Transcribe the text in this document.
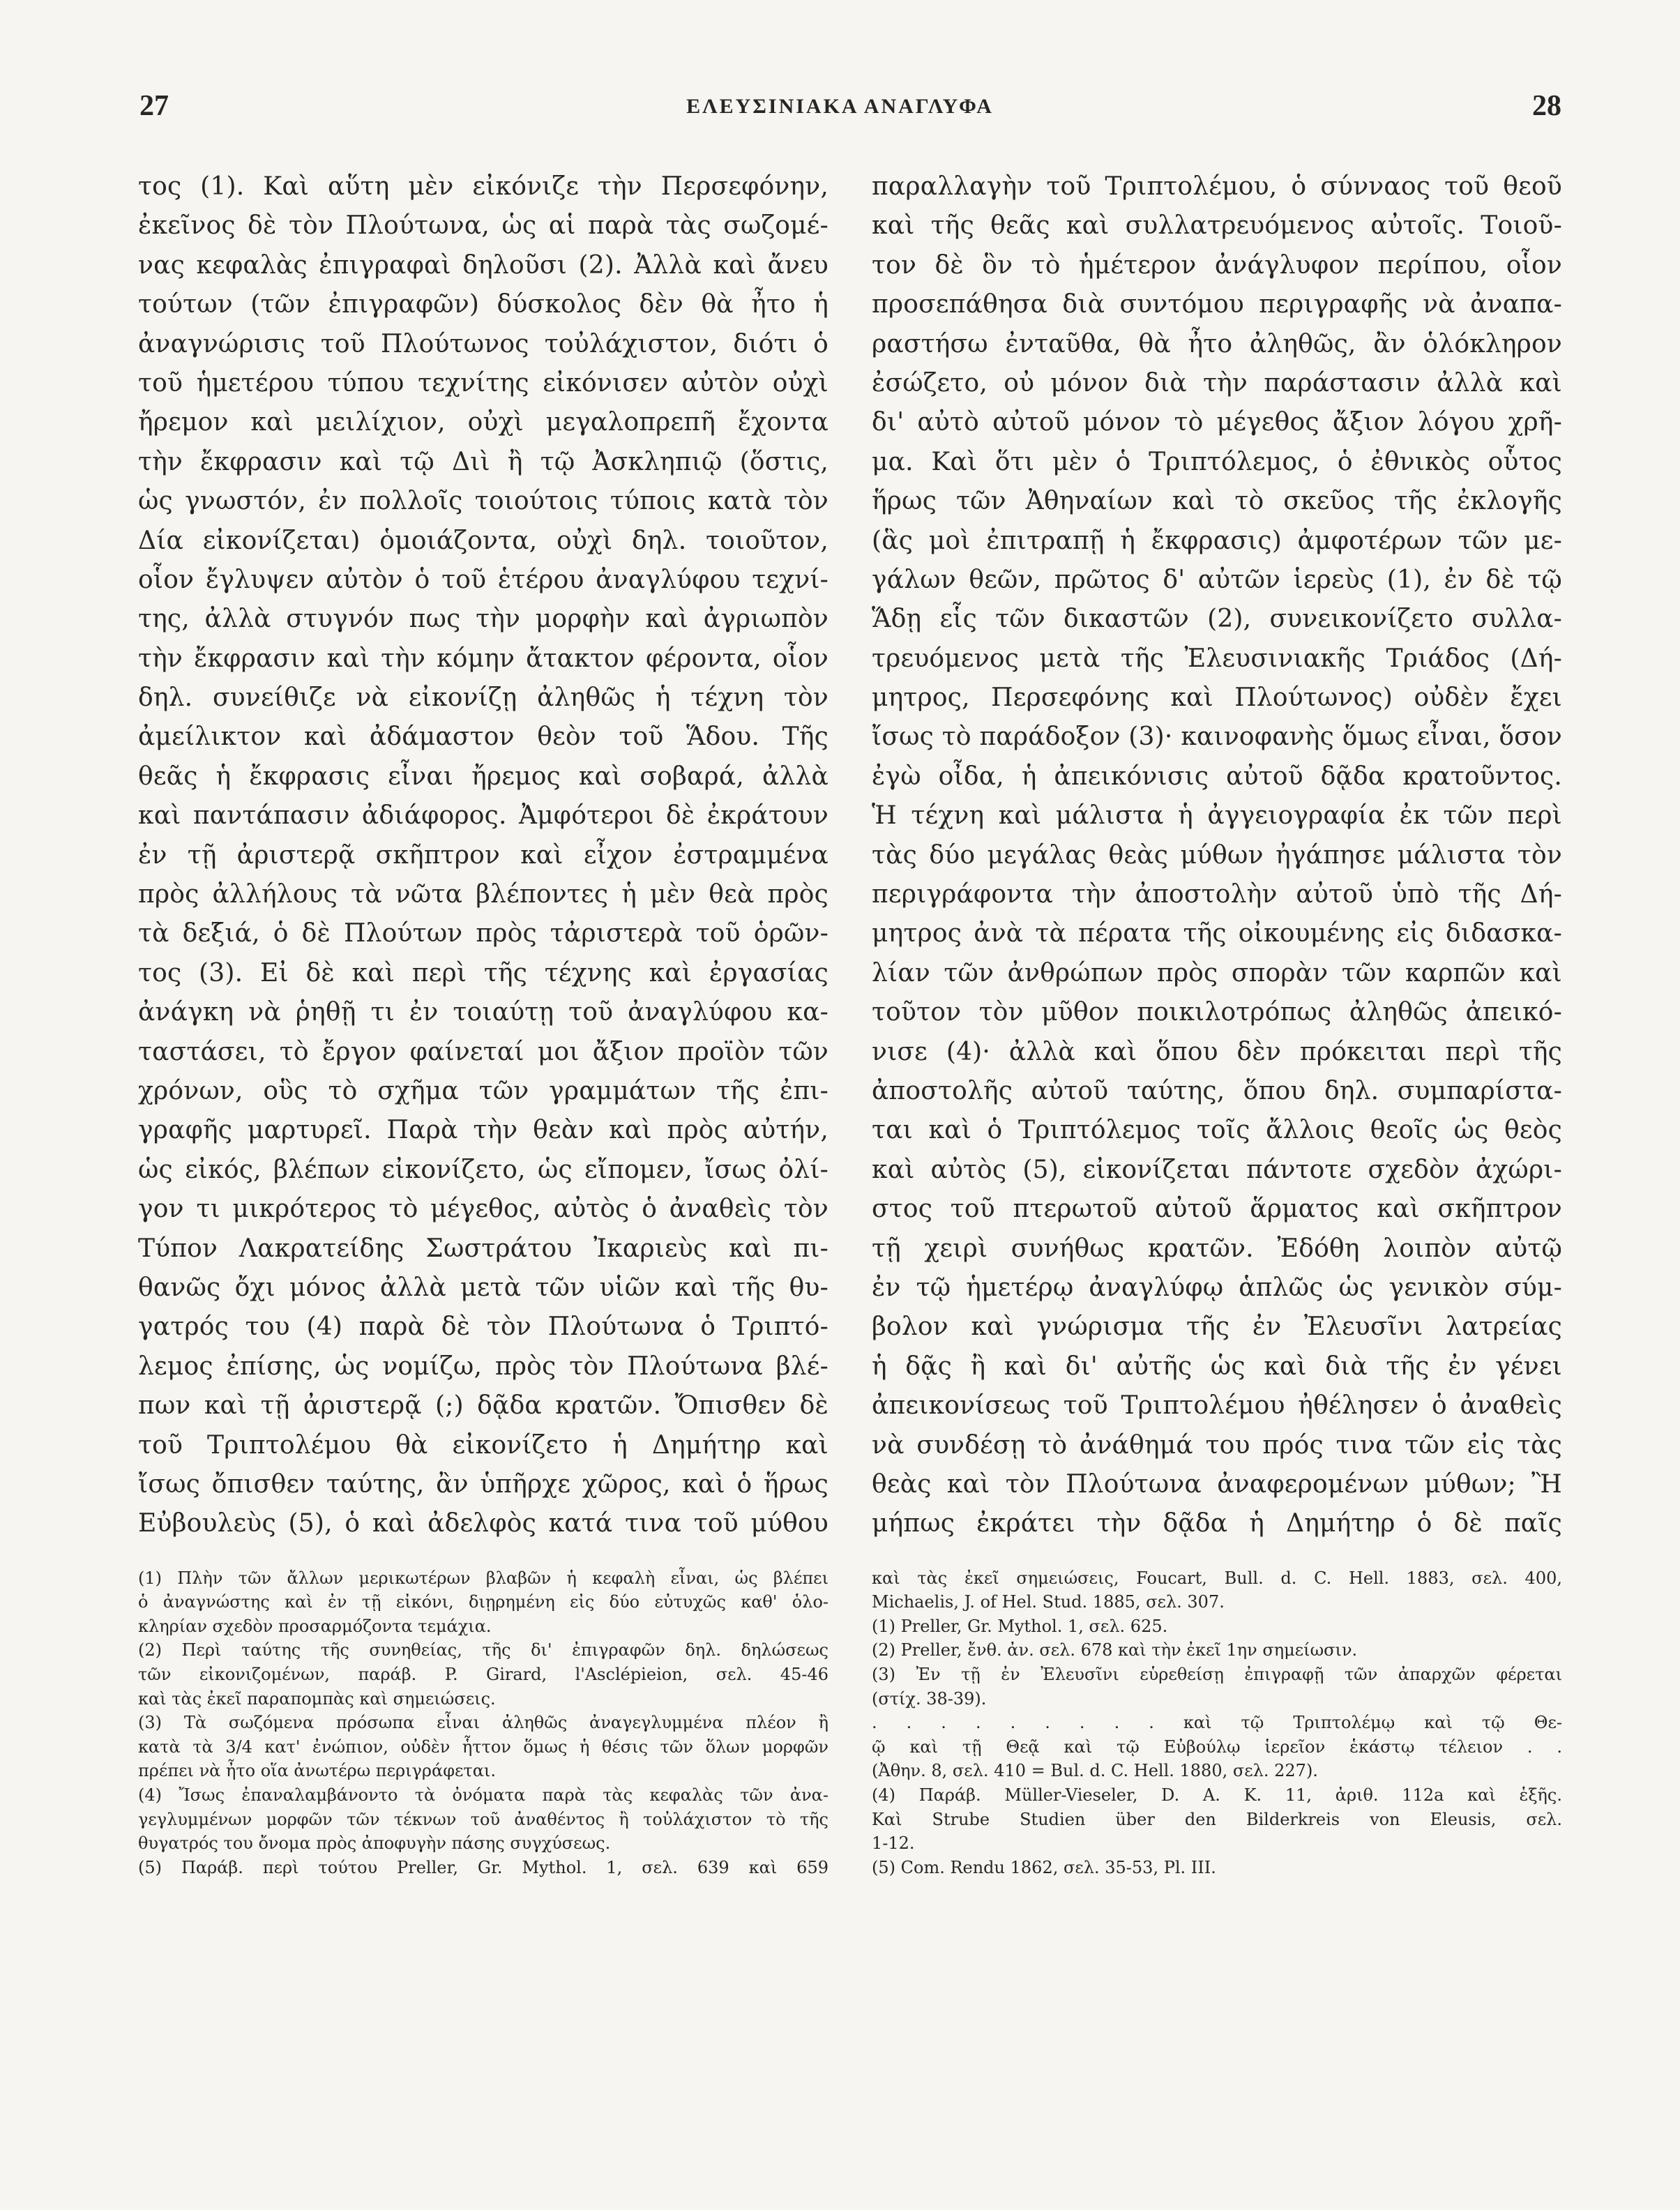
27	ΕΛΕΥΣΙΝΙΑΚΑ ΑΝΑΓΛΥΦΑ	28
τος (1). Καὶ αὕτη μὲν εἰκόνιζε τὴν Περσεφόνην,
ἐκεῖνος δὲ τὸν Πλούτωνα, ὡς αἱ παρὰ τὰς σωζομέ-
νας κεφαλὰς ἐπιγραφαὶ δηλοῦσι (2). Ἀλλὰ καὶ ἄνευ
τούτων (τῶν ἐπιγραφῶν) δύσκολος δὲν θὰ ἦτο ἡ
ἀναγνώρισις τοῦ Πλούτωνος τοὐλάχιστον, διότι ὁ
τοῦ ἡμετέρου τύπου τεχνίτης εἰκόνισεν αὐτὸν οὐχὶ
ἤρεμον καὶ μειλίχιον, οὐχὶ μεγαλοπρεπῆ ἔχοντα
τὴν ἔκφρασιν καὶ τῷ Διὶ ἢ τῷ Ἀσκληπιῷ (ὅστις,
ὡς γνωστόν, ἐν πολλοῖς τοιούτοις τύποις κατὰ τὸν
Δία εἰκονίζεται) ὁμοιάζοντα, οὐχὶ δηλ. τοιοῦτον,
οἷον ἔγλυψεν αὐτὸν ὁ τοῦ ἑτέρου ἀναγλύφου τεχνί-
της, ἀλλὰ στυγνόν πως τὴν μορφὴν καὶ ἀγριωπὸν
τὴν ἔκφρασιν καὶ τὴν κόμην ἄτακτον φέροντα, οἷον
δηλ. συνείθιζε νὰ εἰκονίζῃ ἀληθῶς ἡ τέχνη τὸν
ἀμείλικτον καὶ ἀδάμαστον θεὸν τοῦ Ἅδου. Τῆς
θεᾶς ἡ ἔκφρασις εἶναι ἤρεμος καὶ σοβαρά, ἀλλὰ
καὶ παντάπασιν ἀδιάφορος. Ἀμφότεροι δὲ ἐκράτουν
ἐν τῇ ἀριστερᾷ σκῆπτρον καὶ εἶχον ἐστραμμένα
πρὸς ἀλλήλους τὰ νῶτα βλέποντες ἡ μὲν θεὰ πρὸς
τὰ δεξιά, ὁ δὲ Πλούτων πρὸς τἀριστερὰ τοῦ ὁρῶν-
τος (3). Εἰ δὲ καὶ περὶ τῆς τέχνης καὶ ἐργασίας
ἀνάγκη νὰ ῥηθῇ τι ἐν τοιαύτῃ τοῦ ἀναγλύφου κα-
ταστάσει, τὸ ἔργον φαίνεταί μοι ἄξιον προϊὸν τῶν
χρόνων, οὓς τὸ σχῆμα τῶν γραμμάτων τῆς ἐπι-
γραφῆς μαρτυρεῖ. Παρὰ τὴν θεὰν καὶ πρὸς αὐτήν,
ὡς εἰκός, βλέπων εἰκονίζετο, ὡς εἴπομεν, ἴσως ὀλί-
γον τι μικρότερος τὸ μέγεθος, αὐτὸς ὁ ἀναθεὶς τὸν
Τύπον Λακρατείδης Σωστράτου Ἰκαριεὺς καὶ πι-
θανῶς ὄχι μόνος ἀλλὰ μετὰ τῶν υἱῶν καὶ τῆς θυ-
γατρός του (4) παρὰ δὲ τὸν Πλούτωνα ὁ Τριπτό-
λεμος ἐπίσης, ὡς νομίζω, πρὸς τὸν Πλούτωνα βλέ-
πων καὶ τῇ ἀριστερᾷ (;) δᾷδα κρατῶν. Ὄπισθεν δὲ
τοῦ Τριπτολέμου θὰ εἰκονίζετο ἡ Δημήτηρ καὶ
ἴσως ὄπισθεν ταύτης, ἂν ὑπῆρχε χῶρος, καὶ ὁ ἥρως
Εὐβουλεὺς (5), ὁ καὶ ἀδελφὸς κατά τινα τοῦ μύθου
(1) Πλὴν τῶν ἄλλων μερικωτέρων βλαβῶν ἡ κεφαλὴ εἶναι, ὡς βλέπει
ὁ ἀναγνώστης καὶ ἐν τῇ εἰκόνι, διῃρημένη εἰς δύο εὐτυχῶς καθ' ὁλο-
κληρίαν σχεδὸν προσαρμόζοντα τεμάχια.
(2) Περὶ ταύτης τῆς συνηθείας, τῆς δι' ἐπιγραφῶν δηλ. δηλώσεως
τῶν εἰκονιζομένων, παράβ. P. Girard, l'Asclépieion, σελ. 45-46
καὶ τὰς ἐκεῖ παραπομπὰς καὶ σημειώσεις.
(3) Τὰ σωζόμενα πρόσωπα εἶναι ἀληθῶς ἀναγεγλυμμένα πλέον ἢ
κατὰ τὰ 3/4 κατ' ἐνώπιον, οὐδὲν ἧττον ὅμως ἡ θέσις τῶν ὅλων μορφῶν
πρέπει νὰ ἦτο οἵα ἀνωτέρω περιγράφεται.
(4) Ἴσως ἐπαναλαμβάνοντο τὰ ὀνόματα παρὰ τὰς κεφαλὰς τῶν ἀνα-
γεγλυμμένων μορφῶν τῶν τέκνων τοῦ ἀναθέντος ἢ τοὐλάχιστον τὸ τῆς
θυγατρός του ὄνομα πρὸς ἀποφυγὴν πάσης συγχύσεως.
(5) Παράβ. περὶ τούτου Preller, Gr. Mythol. 1, σελ. 639 καὶ 659
παραλλαγὴν τοῦ Τριπτολέμου, ὁ σύνναος τοῦ θεοῦ
καὶ τῆς θεᾶς καὶ συλλατρευόμενος αὐτοῖς. Τοιοῦ-
τον δὲ ὃν τὸ ἡμέτερον ἀνάγλυφον περίπου, οἷον
προσεπάθησα διὰ συντόμου περιγραφῆς νὰ ἀναπα-
ραστήσω ἐνταῦθα, θὰ ἦτο ἀληθῶς, ἂν ὁλόκληρον
ἐσώζετο, οὐ μόνον διὰ τὴν παράστασιν ἀλλὰ καὶ
δι' αὐτὸ αὐτοῦ μόνον τὸ μέγεθος ἄξιον λόγου χρῆ-
μα. Καὶ ὅτι μὲν ὁ Τριπτόλεμος, ὁ ἐθνικὸς οὗτος
ἥρως τῶν Ἀθηναίων καὶ τὸ σκεῦος τῆς ἐκλογῆς
(ἃς μοὶ ἐπιτραπῇ ἡ ἔκφρασις) ἀμφοτέρων τῶν με-
γάλων θεῶν, πρῶτος δ' αὐτῶν ἱερεὺς (1), ἐν δὲ τῷ
Ἅδῃ εἷς τῶν δικαστῶν (2), συνεικονίζετο συλλα-
τρευόμενος μετὰ τῆς Ἐλευσινιακῆς Τριάδος (Δή-
μητρος, Περσεφόνης καὶ Πλούτωνος) οὐδὲν ἔχει
ἴσως τὸ παράδοξον (3)· καινοφανὴς ὅμως εἶναι, ὅσον
ἐγὼ οἶδα, ἡ ἀπεικόνισις αὐτοῦ δᾷδα κρατοῦντος.
Ἡ τέχνη καὶ μάλιστα ἡ ἀγγειογραφία ἐκ τῶν περὶ
τὰς δύο μεγάλας θεὰς μύθων ἠγάπησε μάλιστα τὸν
περιγράφοντα τὴν ἀποστολὴν αὐτοῦ ὑπὸ τῆς Δή-
μητρος ἀνὰ τὰ πέρατα τῆς οἰκουμένης εἰς διδασκα-
λίαν τῶν ἀνθρώπων πρὸς σπορὰν τῶν καρπῶν καὶ
τοῦτον τὸν μῦθον ποικιλοτρόπως ἀληθῶς ἀπεικό-
νισε (4)· ἀλλὰ καὶ ὅπου δὲν πρόκειται περὶ τῆς
ἀποστολῆς αὐτοῦ ταύτης, ὅπου δηλ. συμπαρίστα-
ται καὶ ὁ Τριπτόλεμος τοῖς ἄλλοις θεοῖς ὡς θεὸς
καὶ αὐτὸς (5), εἰκονίζεται πάντοτε σχεδὸν ἀχώρι-
στος τοῦ πτερωτοῦ αὐτοῦ ἅρματος καὶ σκῆπτρον
τῇ χειρὶ συνήθως κρατῶν. Ἐδόθη λοιπὸν αὐτῷ
ἐν τῷ ἡμετέρῳ ἀναγλύφῳ ἁπλῶς ὡς γενικὸν σύμ-
βολον καὶ γνώρισμα τῆς ἐν Ἐλευσῖνι λατρείας
ἡ δᾷς ἢ καὶ δι' αὐτῆς ὡς καὶ διὰ τῆς ἐν γένει
ἀπεικονίσεως τοῦ Τριπτολέμου ἠθέλησεν ὁ ἀναθεὶς
νὰ συνδέσῃ τὸ ἀνάθημά του πρός τινα τῶν εἰς τὰς
θεὰς καὶ τὸν Πλούτωνα ἀναφερομένων μύθων; Ἢ
μήπως ἐκράτει τὴν δᾷδα ἡ Δημήτηρ ὁ δὲ παῖς
καὶ τὰς ἐκεῖ σημειώσεις, Foucart, Bull. d. C. Hell. 1883, σελ. 400,
Michaelis, J. of Hel. Stud. 1885, σελ. 307.
(1) Preller, Gr. Mythol. 1, σελ. 625.
(2) Preller, ἔνθ. ἀν. σελ. 678 καὶ τὴν ἐκεῖ 1ην σημείωσιν.
(3) Ἐν τῇ ἐν Ἐλευσῖνι εὑρεθείσῃ ἐπιγραφῇ τῶν ἀπαρχῶν φέρεται
(στίχ. 38-39).
. . . . . . . . . καὶ τῷ Τριπτολέμῳ καὶ τῷ Θε-
ῷ καὶ τῇ Θεᾷ καὶ τῷ Εὐβούλῳ ἱερεῖον ἑκάστῳ τέλειον . .
(Ἀθην. 8, σελ. 410 = Bul. d. C. Hell. 1880, σελ. 227).
(4) Παράβ. Müller-Vieseler, D. A. K. 11, ἀριθ. 112a καὶ ἑξῆς.
Καὶ Strube Studien über den Bilderkreis von Eleusis, σελ.
1-12.
(5) Com. Rendu 1862, σελ. 35-53, Pl. III.
